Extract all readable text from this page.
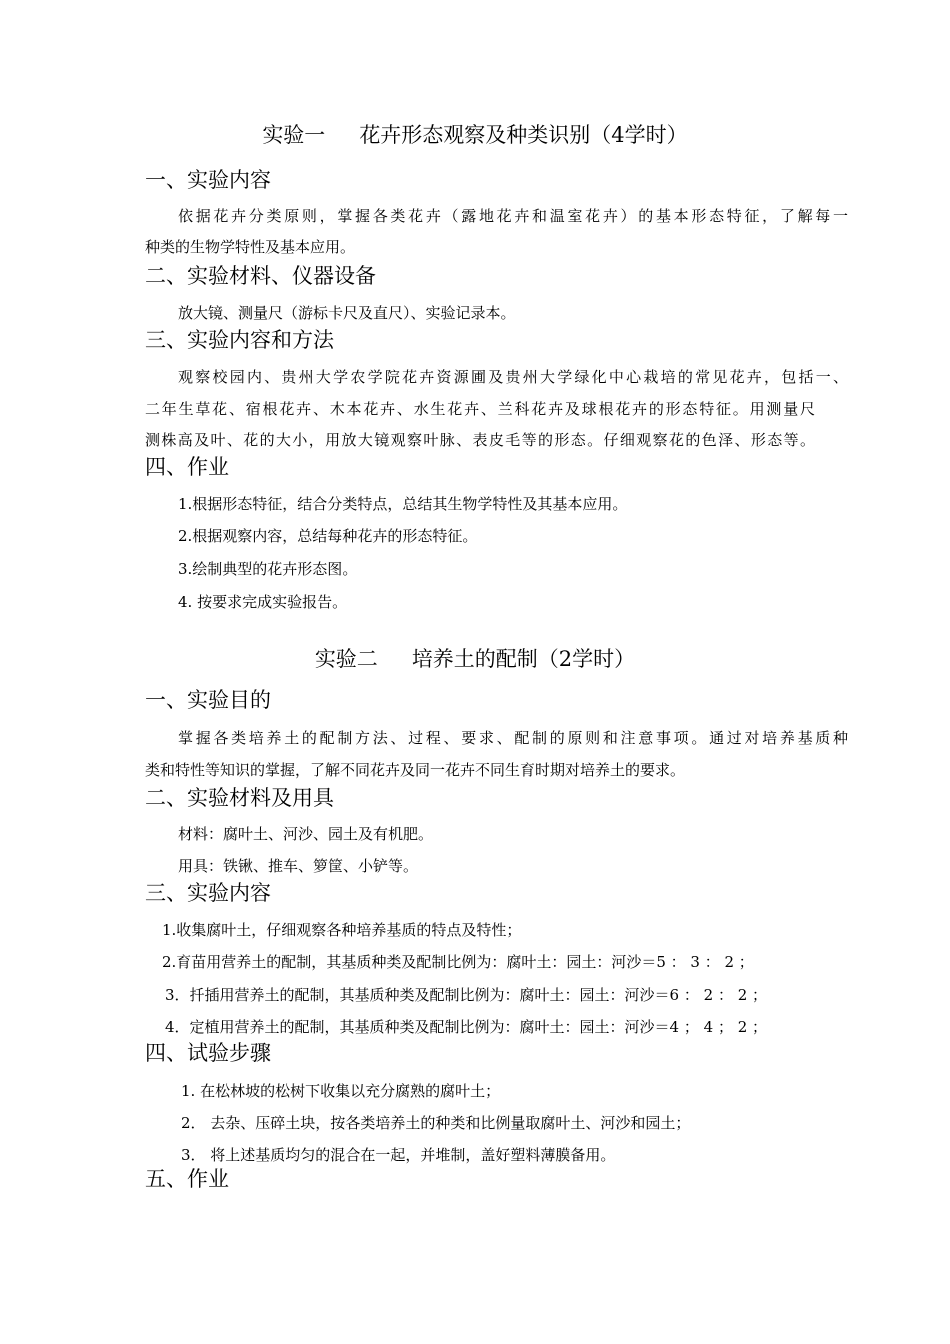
实验一 花卉形态观察及种类识别（4学时）
一、实验内容
依据花卉分类原则，掌握各类花卉（露地花卉和温室花卉）的基本形态特征，了解每一
种类的生物学特性及基本应用。
二、实验材料、仪器设备
放大镜、测量尺（游标卡尺及直尺）、实验记录本。
三、实验内容和方法
观察校园内、贵州大学农学院花卉资源圃及贵州大学绿化中心栽培的常见花卉，包括一、
二年生草花、宿根花卉、木本花卉、水生花卉、兰科花卉及球根花卉的形态特征。用测量尺
测株高及叶、花的大小，用放大镜观察叶脉、表皮毛等的形态。仔细观察花的色泽、形态等。
四、作业
1.根据形态特征，结合分类特点，总结其生物学特性及其基本应用。
2.根据观察内容，总结每种花卉的形态特征。
3.绘制典型的花卉形态图。
4. 按要求完成实验报告。
实验二 培养土的配制（2学时）
一、实验目的
掌握各类培养土的配制方法、过程、要求、配制的原则和注意事项。通过对培养基质种
类和特性等知识的掌握，了解不同花卉及同一花卉不同生育时期对培养土的要求。
二、实验材料及用具
材料：腐叶土、河沙、园土及有机肥。
用具：铁锹、推车、箩筐、小铲等。
三、实验内容
1.收集腐叶土，仔细观察各种培养基质的特点及特性；
2.育苗用营养土的配制，其基质种类及配制比例为：腐叶土：园土：河沙＝5 ： 3 ： 2 ；
3．扦插用营养土的配制，其基质种类及配制比例为：腐叶土：园土：河沙＝6 ： 2 ： 2 ；
4．定植用营养土的配制，其基质种类及配制比例为：腐叶土：园土：河沙＝4 ； 4 ； 2 ；
四、试验步骤
1. 在松林坡的松树下收集以充分腐熟的腐叶土；
2． 去杂、压碎土块，按各类培养土的种类和比例量取腐叶土、河沙和园土；
3． 将上述基质均匀的混合在一起，并堆制，盖好塑料薄膜备用。
五、作业
